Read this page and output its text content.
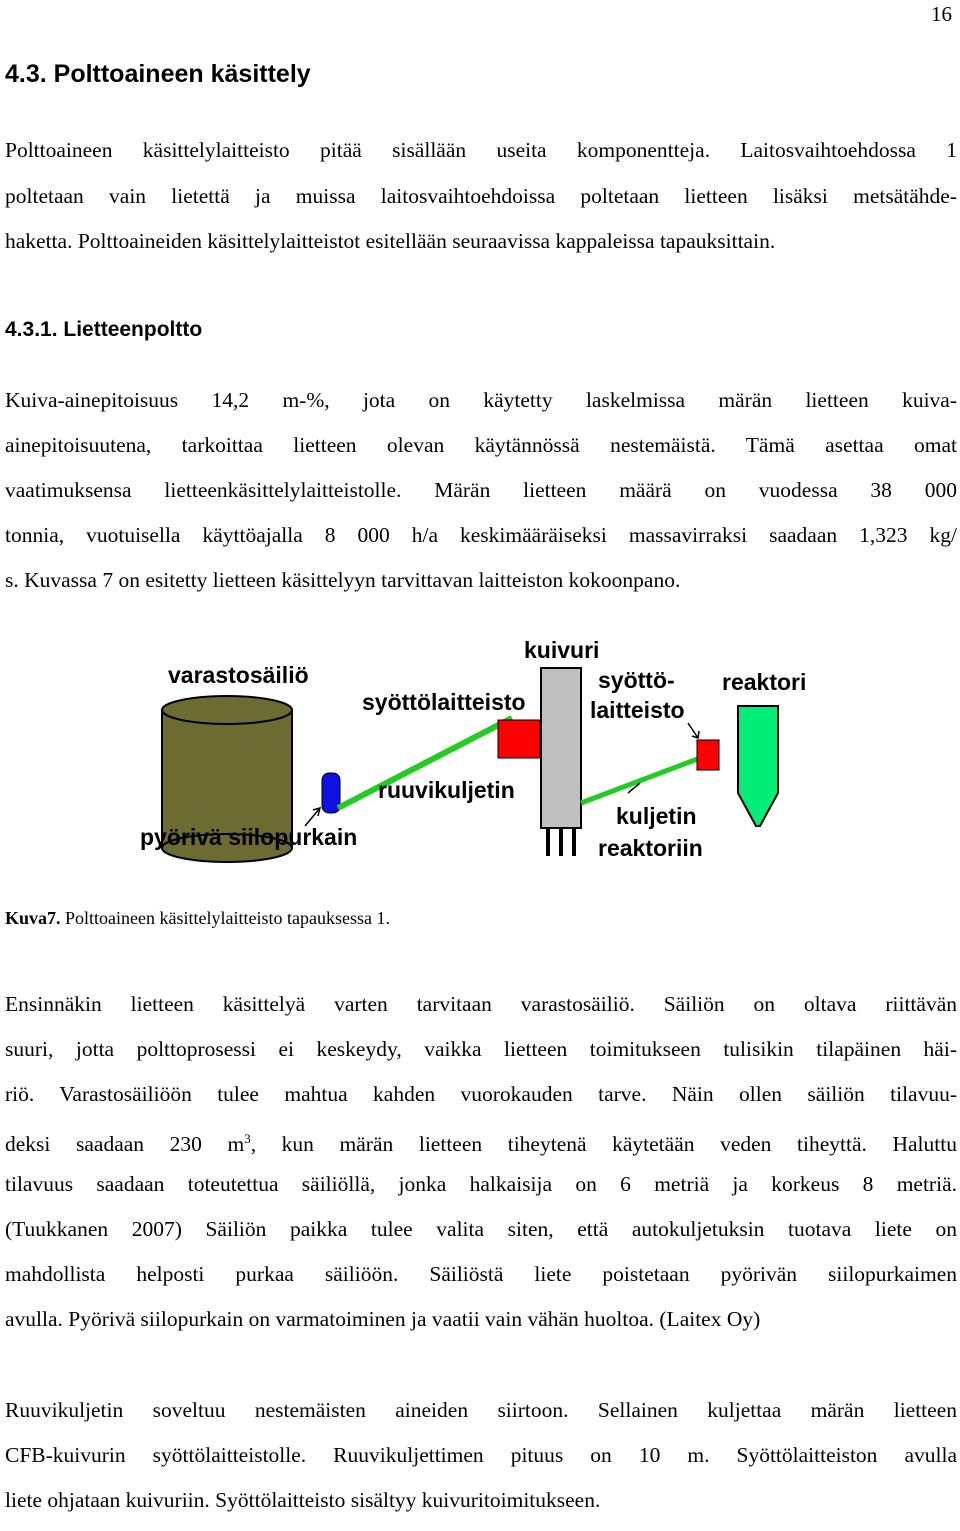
16
4.3. Polttoaineen käsittely
Polttoaineen käsittelylaitteisto pitää sisällään useita komponentteja. Laitosvaihtoehdossa 1
poltetaan vain lietettä ja muissa laitosvaihtoehdoissa poltetaan lietteen lisäksi metsätähde-
haketta. Polttoaineiden käsittelylaitteistot esitellään seuraavissa kappaleissa tapauksittain.
4.3.1. Lietteenpoltto
Kuiva-ainepitoisuus 14,2 m-%, jota on käytetty laskelmissa märän lietteen kuiva-
ainepitoisuutena, tarkoittaa lietteen olevan käytännössä nestemäistä. Tämä asettaa omat
vaatimuksensa lietteenkäsittelylaitteistolle. Märän lietteen määrä on vuodessa 38 000
tonnia, vuotuisella käyttöajalla 8 000 h/a keskimääräiseksi massavirraksi saadaan 1,323 kg/
s. Kuvassa 7 on esitetty lietteen käsittelyyn tarvittavan laitteiston kokoonpano.
varastosäiliö
syöttölaitteisto
kuivuri
syöttö-
laitteisto
reaktori
ruuvikuljetin
pyörivä siilopurkain
kuljetin
reaktoriin
Kuva7. Polttoaineen käsittelylaitteisto tapauksessa 1.
Ensinnäkin lietteen käsittelyä varten tarvitaan varastosäiliö. Säiliön on oltava riittävän
suuri, jotta polttoprosessi ei keskeydy, vaikka lietteen toimitukseen tulisikin tilapäinen häi-
riö. Varastosäiliöön tulee mahtua kahden vuorokauden tarve. Näin ollen säiliön tilavuu-
deksi saadaan 230 $m^3$, kun märän lietteen tiheytenä käytetään veden tiheyttä. Haluttu
tilavuus saadaan toteutettua säiliöllä, jonka halkaisija on 6 metriä ja korkeus 8 metriä.
(Tuukkanen 2007) Säiliön paikka tulee valita siten, että autokuljetuksin tuotava liete on
mahdollista helposti purkaa säiliöön. Säiliöstä liete poistetaan pyörivän siilopurkaimen
avulla. Pyörivä siilopurkain on varmatoiminen ja vaatii vain vähän huoltoa. (Laitex Oy)
Ruuvikuljetin soveltuu nestemäisten aineiden siirtoon. Sellainen kuljettaa märän lietteen
CFB-kuivurin syöttölaitteistolle. Ruuvikuljettimen pituus on 10 m. Syöttölaitteiston avulla
liete ohjataan kuivuriin. Syöttölaitteisto sisältyy kuivuritoimitukseen.
